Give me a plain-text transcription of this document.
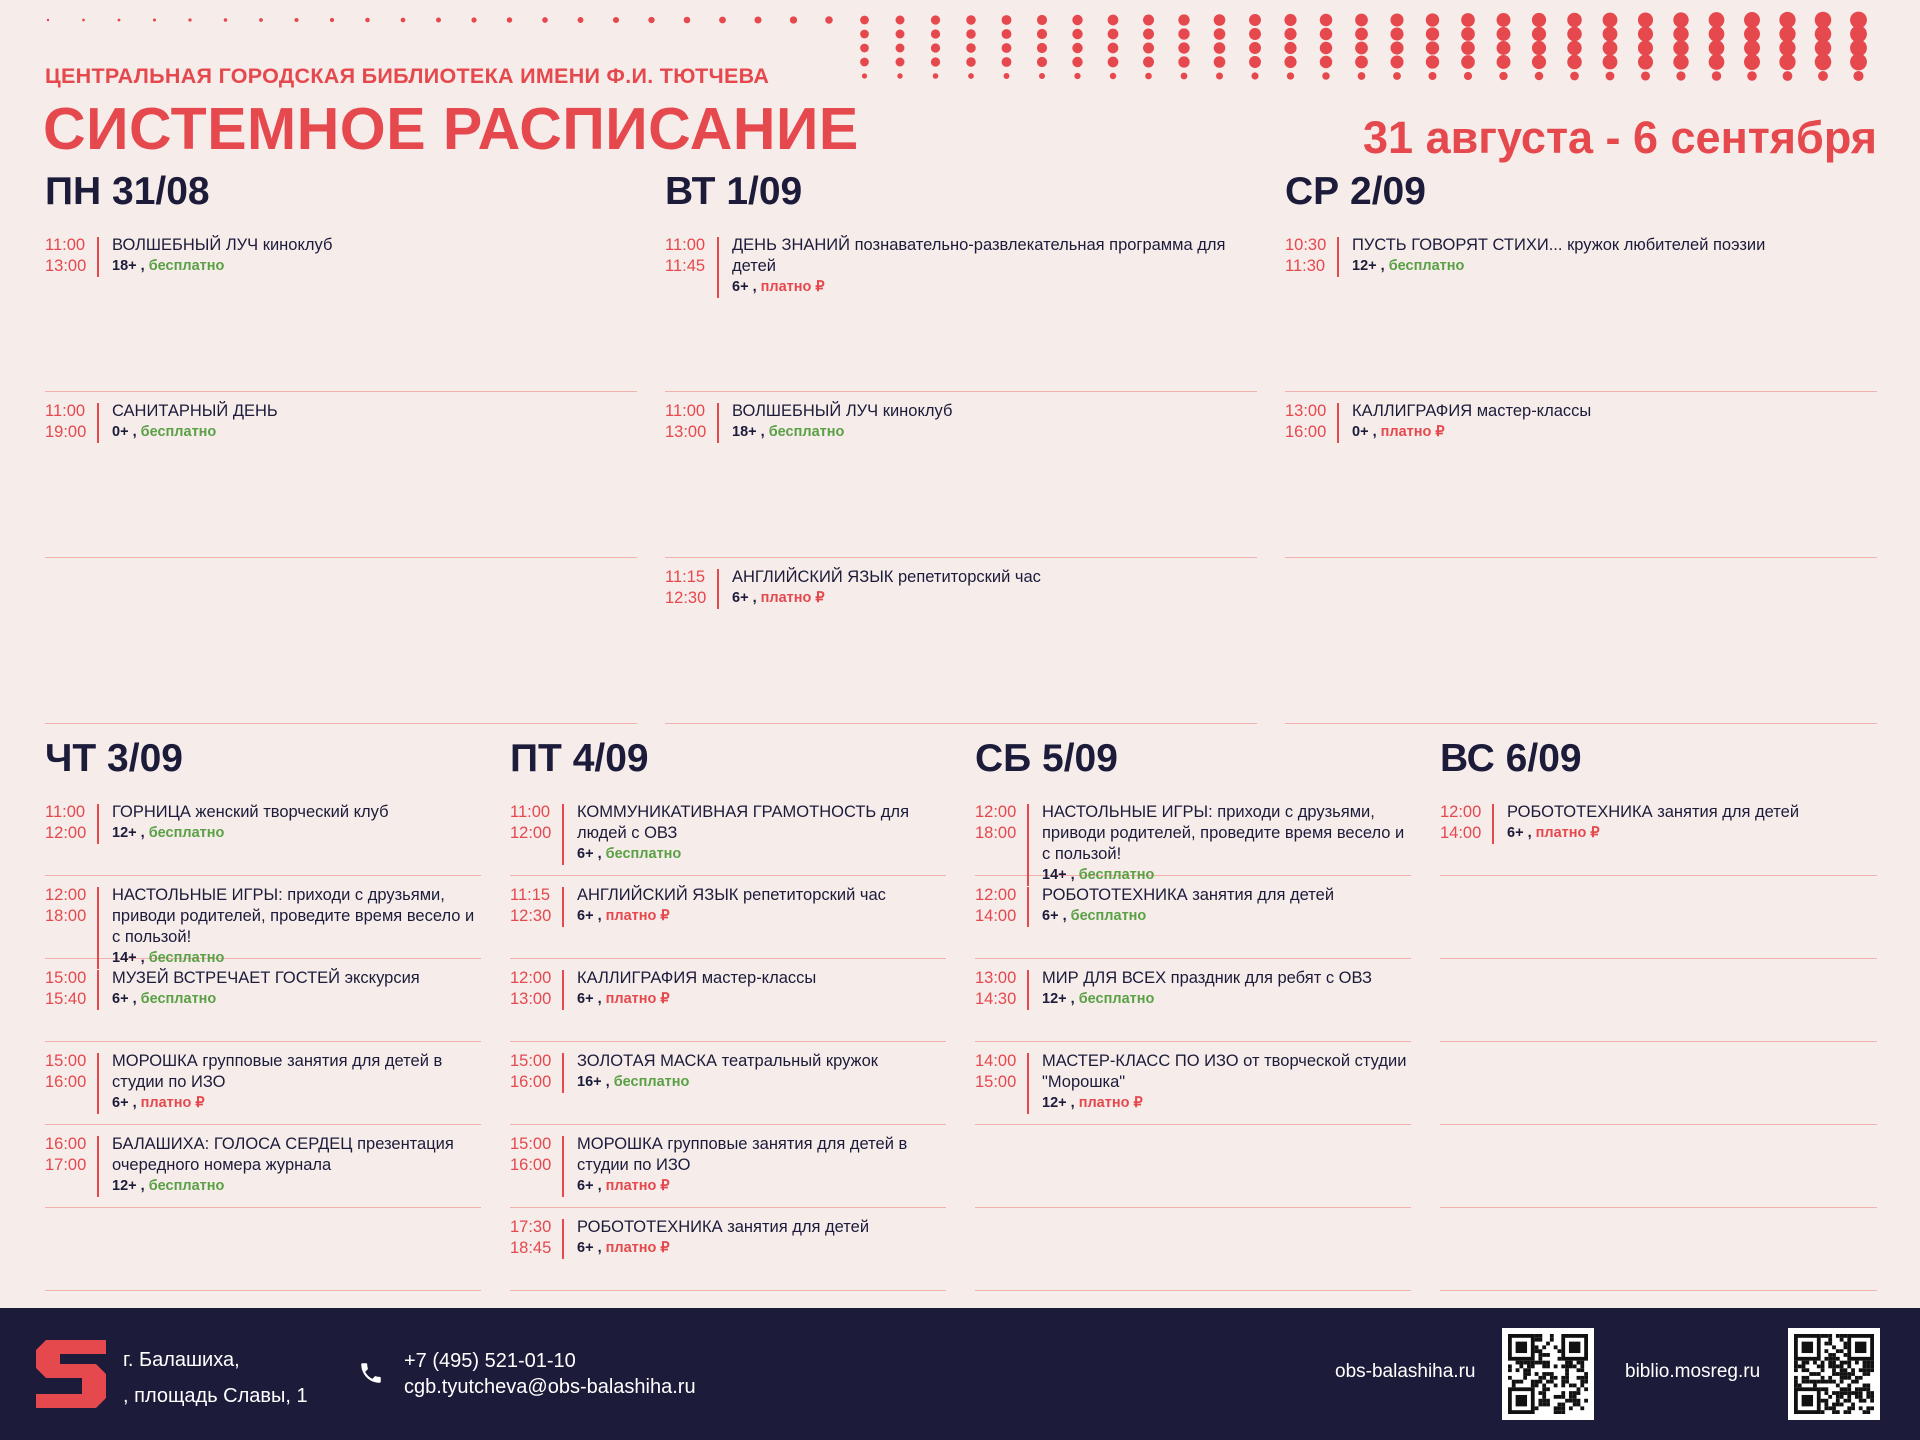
ЦЕНТРАЛЬНАЯ ГОРОДСКАЯ БИБЛИОТЕКА ИМЕНИ Ф.И. ТЮТЧЕВА
СИСТЕМНОЕ РАСПИСАНИЕ	31 августа - 6 сентября
ПН 31/08
11:00
13:00
ВОЛШЕБНЫЙ ЛУЧ киноклуб
18+ , бесплатно
11:00
19:00
САНИТАРНЫЙ ДЕНЬ
0+ , бесплатно
ВТ 1/09
11:00
11:45
ДЕНЬ ЗНАНИЙ познавательно-развлекательная программа для детей
6+ , платно ₽
11:00
13:00
ВОЛШЕБНЫЙ ЛУЧ киноклуб
18+ , бесплатно
11:15
12:30
АНГЛИЙСКИЙ ЯЗЫК репетиторский час
6+ , платно ₽
СР 2/09
10:30
11:30
ПУСТЬ ГОВОРЯТ СТИХИ... кружок любителей поэзии
12+ , бесплатно
13:00
16:00
КАЛЛИГРАФИЯ мастер-классы
0+ , платно ₽
ЧТ 3/09
11:00
12:00
ГОРНИЦА женский творческий клуб
12+ , бесплатно
12:00
18:00
НАСТОЛЬНЫЕ ИГРЫ: приходи с друзьями, приводи родителей, проведите время весело и с пользой!
14+ , бесплатно
15:00
15:40
МУЗЕЙ ВСТРЕЧАЕТ ГОСТЕЙ экскурсия
6+ , бесплатно
15:00
16:00
МОРОШКА групповые занятия для детей в студии по ИЗО
6+ , платно ₽
16:00
17:00
БАЛАШИХА: ГОЛОСА СЕРДЕЦ презентация очередного номера журнала
12+ , бесплатно
ПТ 4/09
11:00
12:00
КОММУНИКАТИВНАЯ ГРАМОТНОСТЬ для людей с ОВЗ
6+ , бесплатно
11:15
12:30
АНГЛИЙСКИЙ ЯЗЫК репетиторский час
6+ , платно ₽
12:00
13:00
КАЛЛИГРАФИЯ мастер-классы
6+ , платно ₽
15:00
16:00
ЗОЛОТАЯ МАСКА театральный кружок
16+ , бесплатно
15:00
16:00
МОРОШКА групповые занятия для детей в студии по ИЗО
6+ , платно ₽
17:30
18:45
РОБОТОТЕХНИКА занятия для детей
6+ , платно ₽
СБ 5/09
12:00
18:00
НАСТОЛЬНЫЕ ИГРЫ: приходи с друзьями, приводи родителей, проведите время весело и с пользой!
14+ , бесплатно
12:00
14:00
РОБОТОТЕХНИКА занятия для детей
6+ , бесплатно
13:00
14:30
МИР ДЛЯ ВСЕХ праздник для ребят с ОВЗ
12+ , бесплатно
14:00
15:00
МАСТЕР-КЛАСС ПО ИЗО от творческой студии "Морошка"
12+ , платно ₽
ВС 6/09
12:00
14:00
РОБОТОТЕХНИКА занятия для детей
6+ , платно ₽
г. Балашиха,
, площадь Славы, 1
+7 (495) 521-01-10
cgb.tyutcheva@obs-balashiha.ru
obs-balashiha.ru	biblio.mosreg.ru
